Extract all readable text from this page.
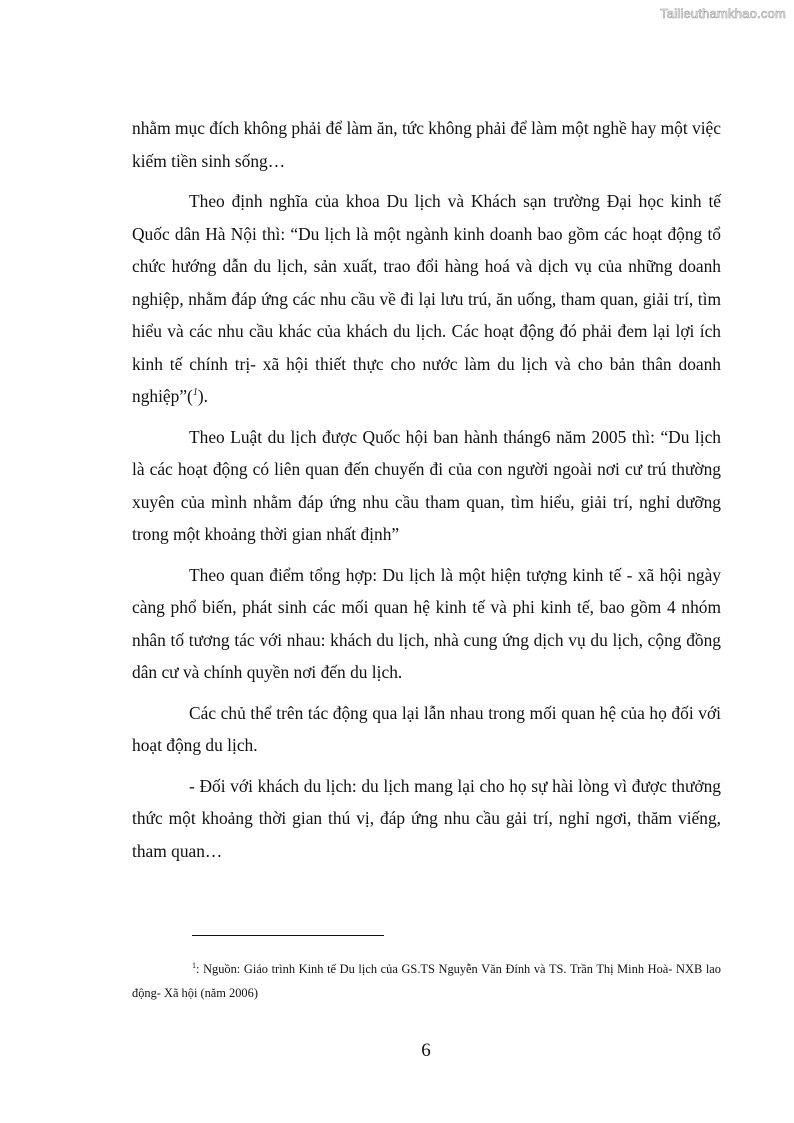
Tailieuthamkhao.com

nhằm mục đích không phải để làm ăn, tức không phải để làm một nghề hay một việc kiếm tiền sinh sống…

Theo định nghĩa của khoa Du lịch và Khách sạn trường Đại học kinh tế Quốc dân Hà Nội thì: “Du lịch là một ngành kinh doanh bao gồm các hoạt động tổ chức hướng dẫn du lịch, sản xuất, trao đổi hàng hoá và dịch vụ của những doanh nghiệp, nhằm đáp ứng các nhu cầu về đi lại lưu trú, ăn uống, tham quan, giải trí, tìm hiểu và các nhu cầu khác của khách du lịch. Các hoạt động đó phải đem lại lợi ích kinh tế chính trị- xã hội thiết thực cho nước làm du lịch và cho bản thân doanh nghiệp”($^1$).

Theo Luật du lịch được Quốc hội ban hành tháng6 năm 2005 thì: “Du lịch là các hoạt động có liên quan đến chuyến đi của con người ngoài nơi cư trú thường xuyên của mình nhằm đáp ứng nhu cầu tham quan, tìm hiểu, giải trí, nghỉ dưỡng trong một khoảng thời gian nhất định”

Theo quan điểm tổng hợp: Du lịch là một hiện tượng kinh tế - xã hội ngày càng phổ biến, phát sinh các mối quan hệ kinh tế và phi kinh tế, bao gồm 4 nhóm nhân tố tương tác với nhau: khách du lịch, nhà cung ứng dịch vụ du lịch, cộng đồng dân cư và chính quyền nơi đến du lịch.

Các chủ thể trên tác động qua lại lẫn nhau trong mối quan hệ của họ đối với hoạt động du lịch.

- Đối với khách du lịch: du lịch mang lại cho họ sự hài lòng vì được thưởng thức một khoảng thời gian thú vị, đáp ứng nhu cầu gải trí, nghỉ ngơi, thăm viếng, tham quan…

$^1$: Nguồn: Giáo trình Kinh tế Du lịch của GS.TS Nguyễn Văn Đính và TS. Trần Thị Minh Hoà- NXB lao động- Xã hội (năm 2006)

6
